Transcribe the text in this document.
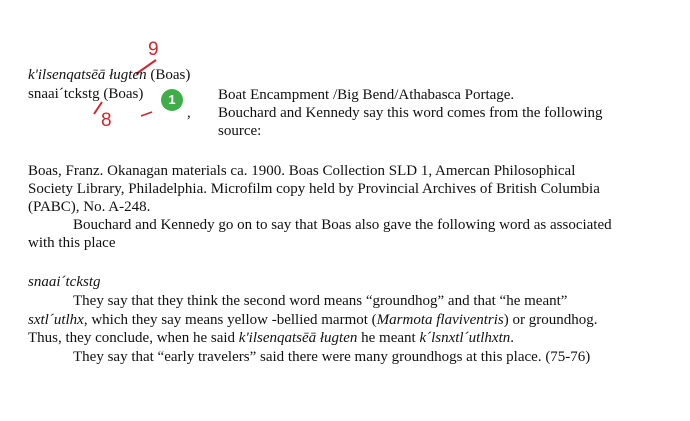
9
k'ilsenqatsēā ługten (Boas)
snaai´tckstg (Boas)
8
1
,
Boat Encampment /Big Bend/Athabasca Portage.
Bouchard and Kennedy say this word comes from the following
source:
Boas, Franz. Okanagan materials ca. 1900. Boas Collection SLD 1, Amercan Philosophical
Society Library, Philadelphia. Microfilm copy held by Provincial Archives of British Columbia
(PABC), No. A-248.
Bouchard and Kennedy go on to say that Boas also gave the following word as associated
with this place
snaai´tckstg
They say that they think the second word means “groundhog” and that “he meant”
sxtl´utlhx, which they say means yellow -bellied marmot (Marmota flaviventris) or groundhog.
Thus, they conclude, when he said k'ilsenqatsēā ługten he meant k´lsnxtl´utlhxtn.
They say that “early travelers” said there were many groundhogs at this place. (75-76)
